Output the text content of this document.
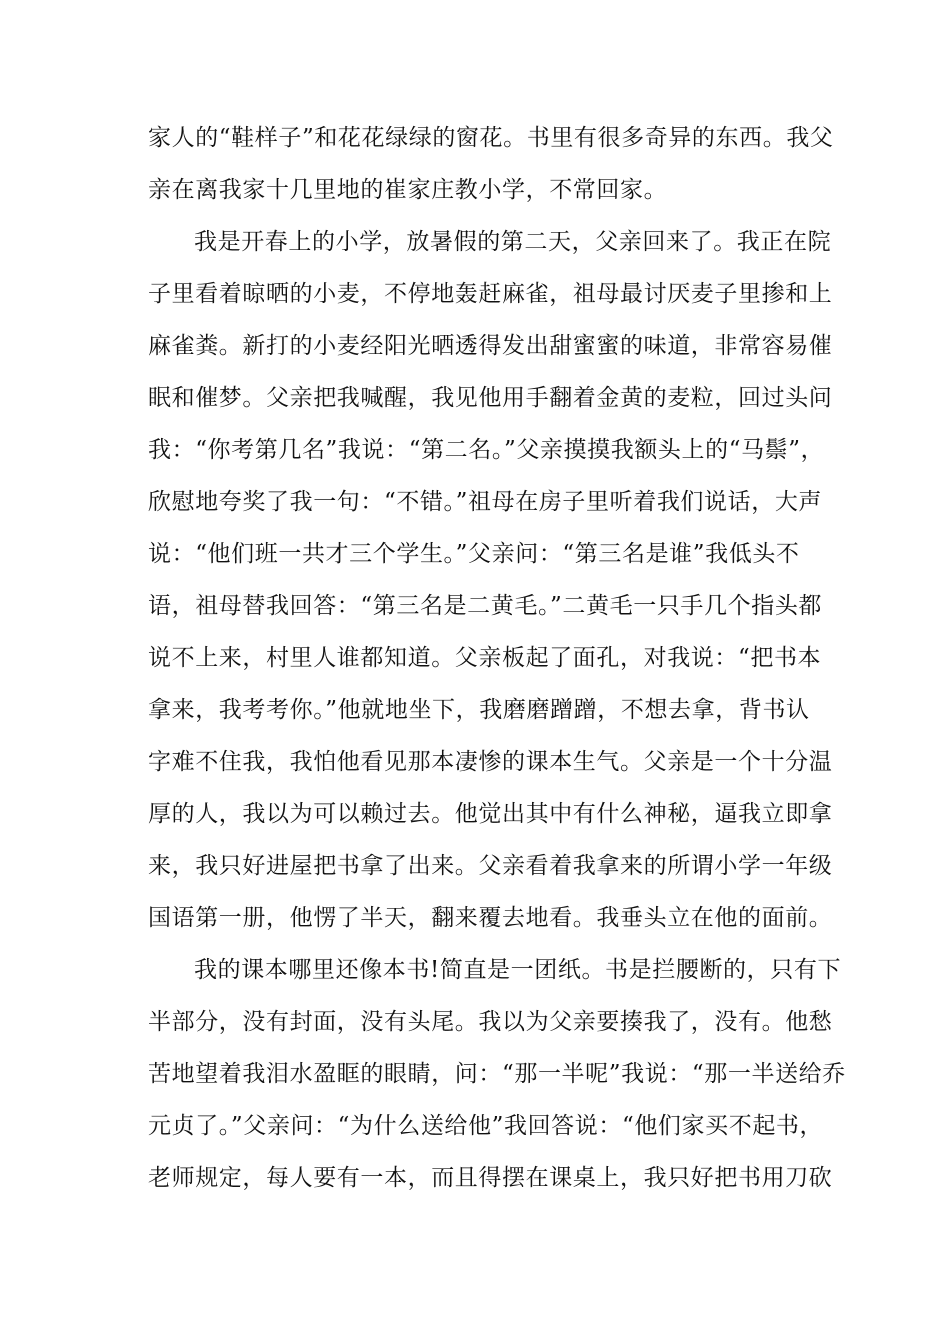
家人的“鞋样子”和花花绿绿的窗花。书里有很多奇异的东西。我父
亲在离我家十几里地的崔家庄教小学，不常回家。
我是开春上的小学，放暑假的第二天，父亲回来了。我正在院
子里看着晾晒的小麦，不停地轰赶麻雀，祖母最讨厌麦子里掺和上
麻雀粪。新打的小麦经阳光晒透得发出甜蜜蜜的味道，非常容易催
眠和催梦。父亲把我喊醒，我见他用手翻着金黄的麦粒，回过头问
我：“你考第几名”我说：“第二名。”父亲摸摸我额头上的“马鬃”，
欣慰地夸奖了我一句：“不错。”祖母在房子里听着我们说话，大声
说：“他们班一共才三个学生。”父亲问：“第三名是谁”我低头不
语，祖母替我回答：“第三名是二黄毛。”二黄毛一只手几个指头都
说不上来，村里人谁都知道。父亲板起了面孔，对我说：“把书本
拿来，我考考你。”他就地坐下，我磨磨蹭蹭，不想去拿，背书认
字难不住我，我怕他看见那本凄惨的课本生气。父亲是一个十分温
厚的人，我以为可以赖过去。他觉出其中有什么神秘，逼我立即拿
来，我只好进屋把书拿了出来。父亲看着我拿来的所谓小学一年级
国语第一册，他愣了半天，翻来覆去地看。我垂头立在他的面前。
我的课本哪里还像本书!简直是一团纸。书是拦腰断的，只有下
半部分，没有封面，没有头尾。我以为父亲要揍我了，没有。他愁
苦地望着我泪水盈眶的眼睛，问：“那一半呢”我说：“那一半送给乔
元贞了。”父亲问：“为什么送给他”我回答说：“他们家买不起书，
老师规定，每人要有一本，而且得摆在课桌上，我只好把书用刀砍
